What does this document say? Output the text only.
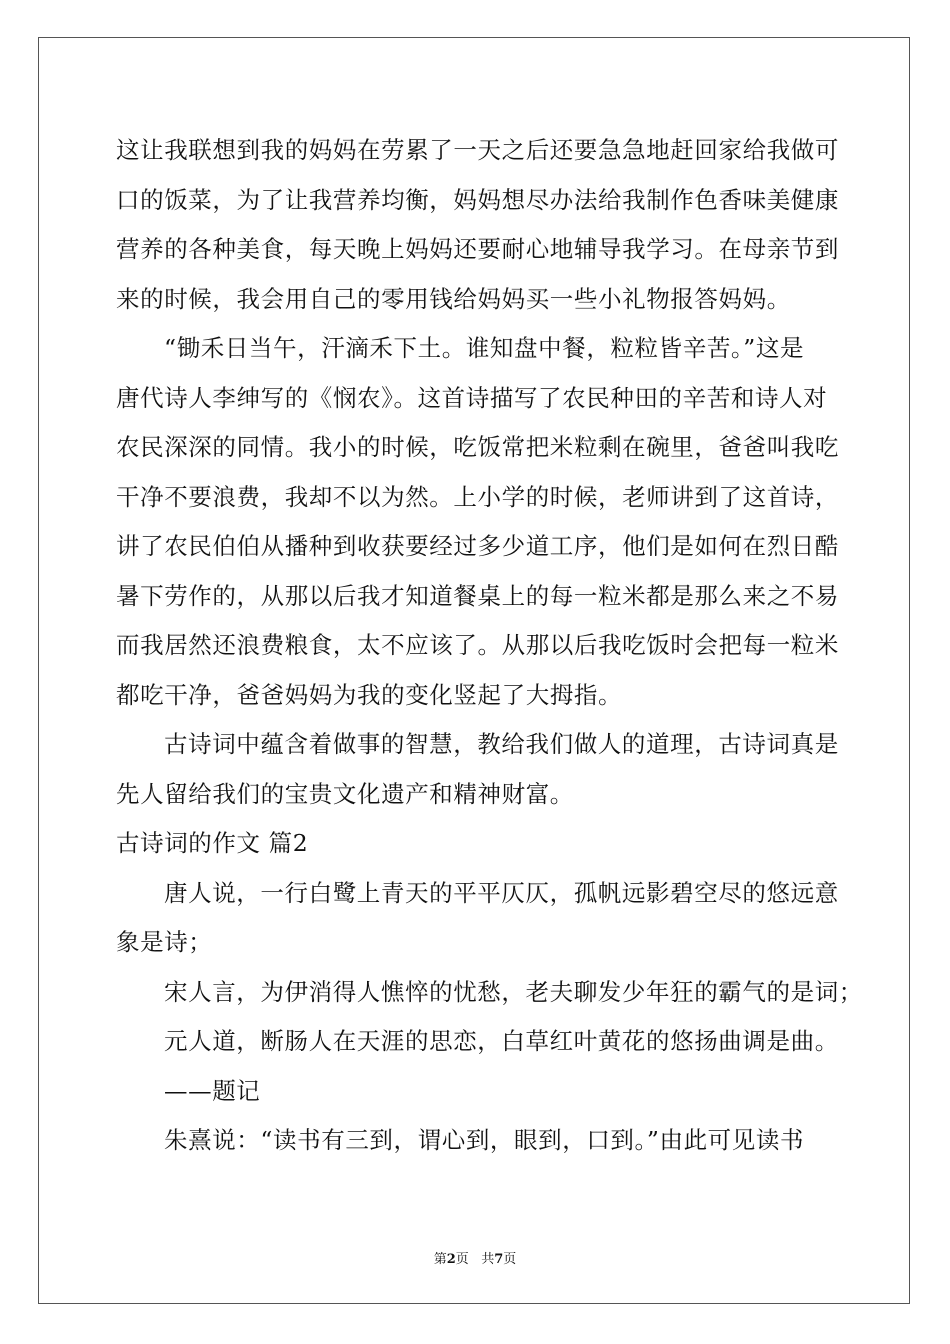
这让我联想到我的妈妈在劳累了一天之后还要急急地赶回家给我做可
口的饭菜，为了让我营养均衡，妈妈想尽办法给我制作色香味美健康
营养的各种美食，每天晚上妈妈还要耐心地辅导我学习。在母亲节到
来的时候，我会用自己的零用钱给妈妈买一些小礼物报答妈妈。
“锄禾日当午，汗滴禾下土。谁知盘中餐，粒粒皆辛苦。”这是
唐代诗人李绅写的《悯农》。这首诗描写了农民种田的辛苦和诗人对
农民深深的同情。我小的时候，吃饭常把米粒剩在碗里，爸爸叫我吃
干净不要浪费，我却不以为然。上小学的时候，老师讲到了这首诗，
讲了农民伯伯从播种到收获要经过多少道工序，他们是如何在烈日酷
暑下劳作的，从那以后我才知道餐桌上的每一粒米都是那么来之不易
而我居然还浪费粮食，太不应该了。从那以后我吃饭时会把每一粒米
都吃干净，爸爸妈妈为我的变化竖起了大拇指。
古诗词中蕴含着做事的智慧，教给我们做人的道理，古诗词真是
先人留给我们的宝贵文化遗产和精神财富。
古诗词的作文 篇2
唐人说，一行白鹭上青天的平平仄仄，孤帆远影碧空尽的悠远意
象是诗；
宋人言，为伊消得人憔悴的忧愁，老夫聊发少年狂的霸气的是词；
元人道，断肠人在天涯的思恋，白草红叶黄花的悠扬曲调是曲。
——题记
朱熹说：“读书有三到，谓心到，眼到，口到。”由此可见读书
第2页 共7页
